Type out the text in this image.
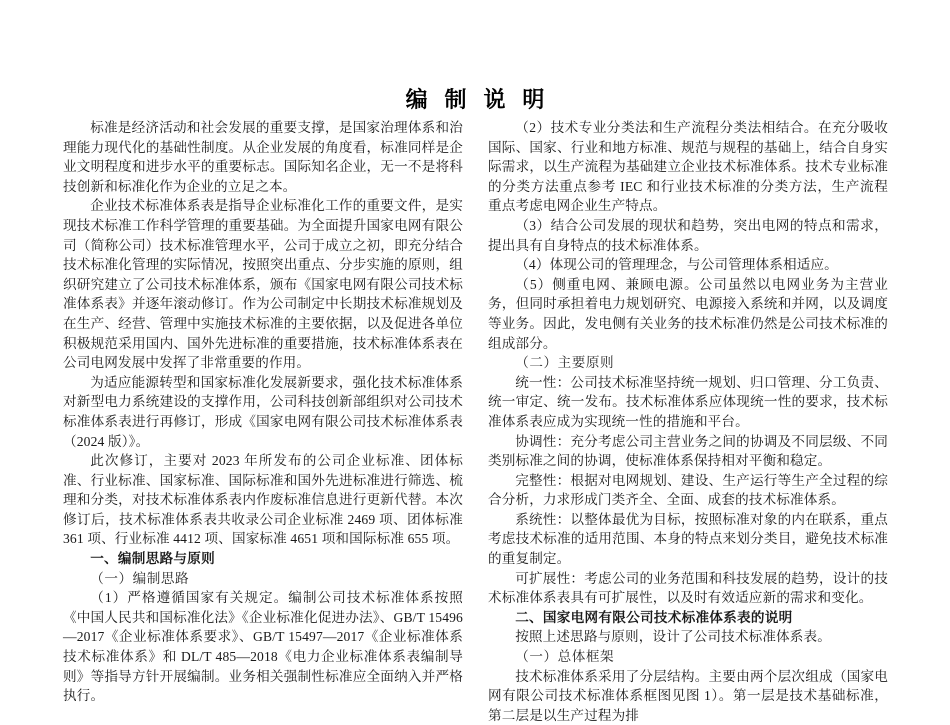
编 制 说 明

标准是经济活动和社会发展的重要支撑，是国家治理体系和治理能力现代化的基础性制度。从企业发展的角度看，标准同样是企业文明程度和进步水平的重要标志。国际知名企业，无一不是将科技创新和标准化作为企业的立足之本。

企业技术标准体系表是指导企业标准化工作的重要文件，是实现技术标准工作科学管理的重要基础。为全面提升国家电网有限公司（简称公司）技术标准管理水平，公司于成立之初，即充分结合技术标准化管理的实际情况，按照突出重点、分步实施的原则，组织研究建立了公司技术标准体系，颁布《国家电网有限公司技术标准体系表》并逐年滚动修订。作为公司制定中长期技术标准规划及在生产、经营、管理中实施技术标准的主要依据，以及促进各单位积极规范采用国内、国外先进标准的重要措施，技术标准体系表在公司电网发展中发挥了非常重要的作用。

为适应能源转型和国家标准化发展新要求，强化技术标准体系对新型电力系统建设的支撑作用，公司科技创新部组织对公司技术标准体系表进行再修订，形成《国家电网有限公司技术标准体系表（2024 版）》。

此次修订，主要对 2023 年所发布的公司企业标准、团体标准、行业标准、国家标准、国际标准和国外先进标准进行筛选、梳理和分类，对技术标准体系表内作废标准信息进行更新代替。本次修订后，技术标准体系表共收录公司企业标准 2469 项、团体标准 361 项、行业标准 4412 项、国家标准 4651 项和国际标准 655 项。

一、编制思路与原则

（一）编制思路

（1）严格遵循国家有关规定。编制公司技术标准体系按照《中国人民共和国标准化法》《企业标准化促进办法》、GB/T 15496—2017《企业标准体系要求》、GB/T 15497—2017《企业标准体系 技术标准体系》和 DL/T 485—2018《电力企业标准体系表编制导则》等指导方针开展编制。业务相关强制性标准应全面纳入并严格执行。

（2）技术专业分类法和生产流程分类法相结合。在充分吸收国际、国家、行业和地方标准、规范与规程的基础上，结合自身实际需求，以生产流程为基础建立企业技术标准体系。技术专业标准的分类方法重点参考 IEC 和行业技术标准的分类方法，生产流程重点考虑电网企业生产特点。

（3）结合公司发展的现状和趋势，突出电网的特点和需求，提出具有自身特点的技术标准体系。

（4）体现公司的管理理念，与公司管理体系相适应。

（5）侧重电网、兼顾电源。公司虽然以电网业务为主营业务，但同时承担着电力规划研究、电源接入系统和并网，以及调度等业务。因此，发电侧有关业务的技术标准仍然是公司技术标准的组成部分。

（二）主要原则

统一性：公司技术标准坚持统一规划、归口管理、分工负责、统一审定、统一发布。技术标准体系应体现统一性的要求，技术标准体系表应成为实现统一性的措施和平台。

协调性：充分考虑公司主营业务之间的协调及不同层级、不同类别标准之间的协调，使标准体系保持相对平衡和稳定。

完整性：根据对电网规划、建设、生产运行等生产全过程的综合分析，力求形成门类齐全、全面、成套的技术标准体系。

系统性：以整体最优为目标，按照标准对象的内在联系，重点考虑技术标准的适用范围、本身的特点来划分类目，避免技术标准的重复制定。

可扩展性：考虑公司的业务范围和科技发展的趋势，设计的技术标准体系表具有可扩展性，以及时有效适应新的需求和变化。

二、国家电网有限公司技术标准体系表的说明

按照上述思路与原则，设计了公司技术标准体系表。

（一）总体框架

技术标准体系采用了分层结构。主要由两个层次组成（国家电网有限公司技术标准体系框图见图 1）。第一层是技术基础标准，第二层是以生产过程为排
